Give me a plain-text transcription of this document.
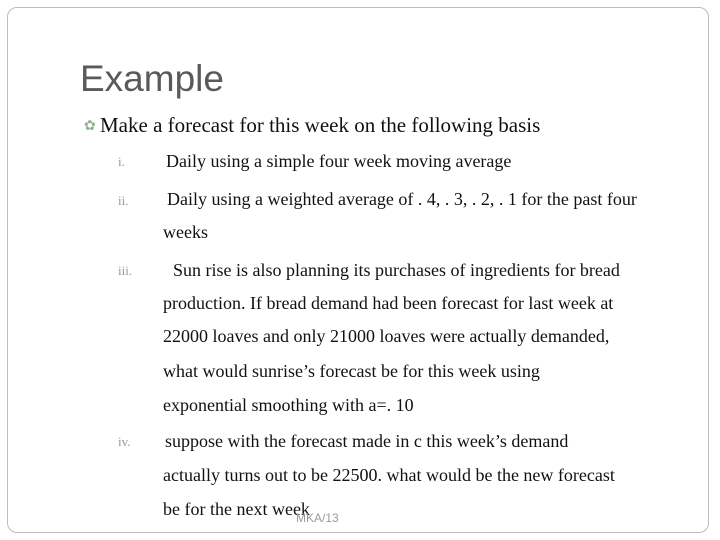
Example
✿ Make a forecast for this week on the following basis
i. Daily using a simple four week moving average
ii. Daily using a weighted average of . 4, . 3, . 2, . 1 for the past four
weeks
iii. Sun rise is also planning its purchases of ingredients for bread
production. If bread demand had been forecast for last week at
22000 loaves and only 21000 loaves were actually demanded,
what would sunrise’s forecast be for this week using
exponential smoothing with a=. 10
iv. suppose with the forecast made in c this week’s demand
actually turns out to be 22500. what would be the new forecast
be for the next week
MKA/13
